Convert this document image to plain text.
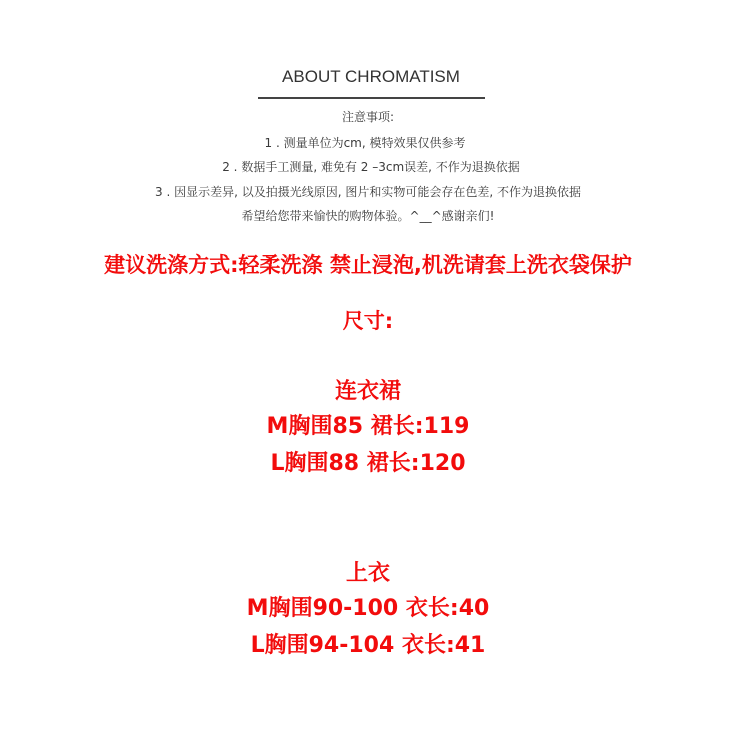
ABOUT CHROMATISM
注意事项:
1 . 测量单位为cm, 模特效果仅供参考
2 . 数据手工测量, 难免有 2 –3cm误差, 不作为退换依据
3 . 因显示差异, 以及拍摄光线原因, 图片和实物可能会存在色差, 不作为退换依据
希望给您带来愉快的购物体验。^__^感谢亲们!
建议洗涤方式:轻柔洗涤 禁止浸泡,机洗请套上洗衣袋保护
尺寸:
连衣裙
M胸围85 裙长:119
L胸围88 裙长:120
上衣
M胸围90-100 衣长:40
L胸围94-104 衣长:41
